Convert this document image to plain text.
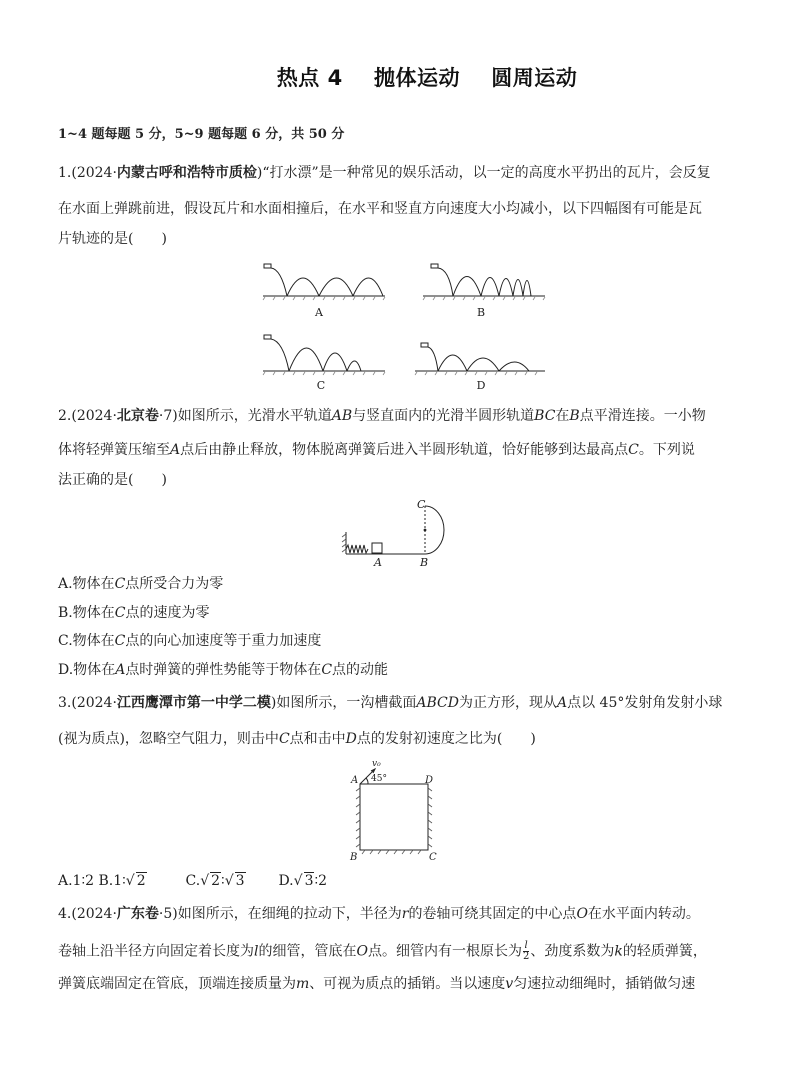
热点 4 抛体运动 圆周运动
1~4 题每题 5 分，5~9 题每题 6 分，共 50 分
1.(2024·内蒙古呼和浩特市质检)“打水漂”是一种常见的娱乐活动，以一定的高度水平扔出的瓦片，会反复
在水面上弹跳前进，假设瓦片和水面相撞后，在水平和竖直方向速度大小均减小，以下四幅图有可能是瓦
片轨迹的是(　　)
A	B
C	D
2.(2024·北京卷·7)如图所示，光滑水平轨道AB与竖直面内的光滑半圆形轨道BC在B点平滑连接。一小物
体将轻弹簧压缩至A点后由静止释放，物体脱离弹簧后进入半圆形轨道，恰好能够到达最高点C。下列说
法正确的是(　　)
C
A	B
A.物体在C点所受合力为零
B.物体在C点的速度为零
C.物体在C点的向心加速度等于重力加速度
D.物体在A点时弹簧的弹性势能等于物体在C点的动能
3.(2024·江西鹰潭市第一中学二模)如图所示，一沟槽截面ABCD为正方形，现从A点以 45°发射角发射小球
(视为质点)，忽略空气阻力，则击中C点和击中D点的发射初速度之比为(　　)
v₀
45°
A	D
B	C
A.1∶2 B.1∶√ 2	C.√ 2∶√ 3 D.√ 3∶2
4.(2024·广东卷·5)如图所示，在细绳的拉动下，半径为r的卷轴可绕其固定的中心点O在水平面内转动。
卷轴上沿半径方向固定着长度为l的细管，管底在O点。细管内有一根原长为 $\frac{l}{2}$ 、劲度系数为k的轻质弹簧，
弹簧底端固定在管底，顶端连接质量为m、可视为质点的插销。当以速度v匀速拉动细绳时，插销做匀速
